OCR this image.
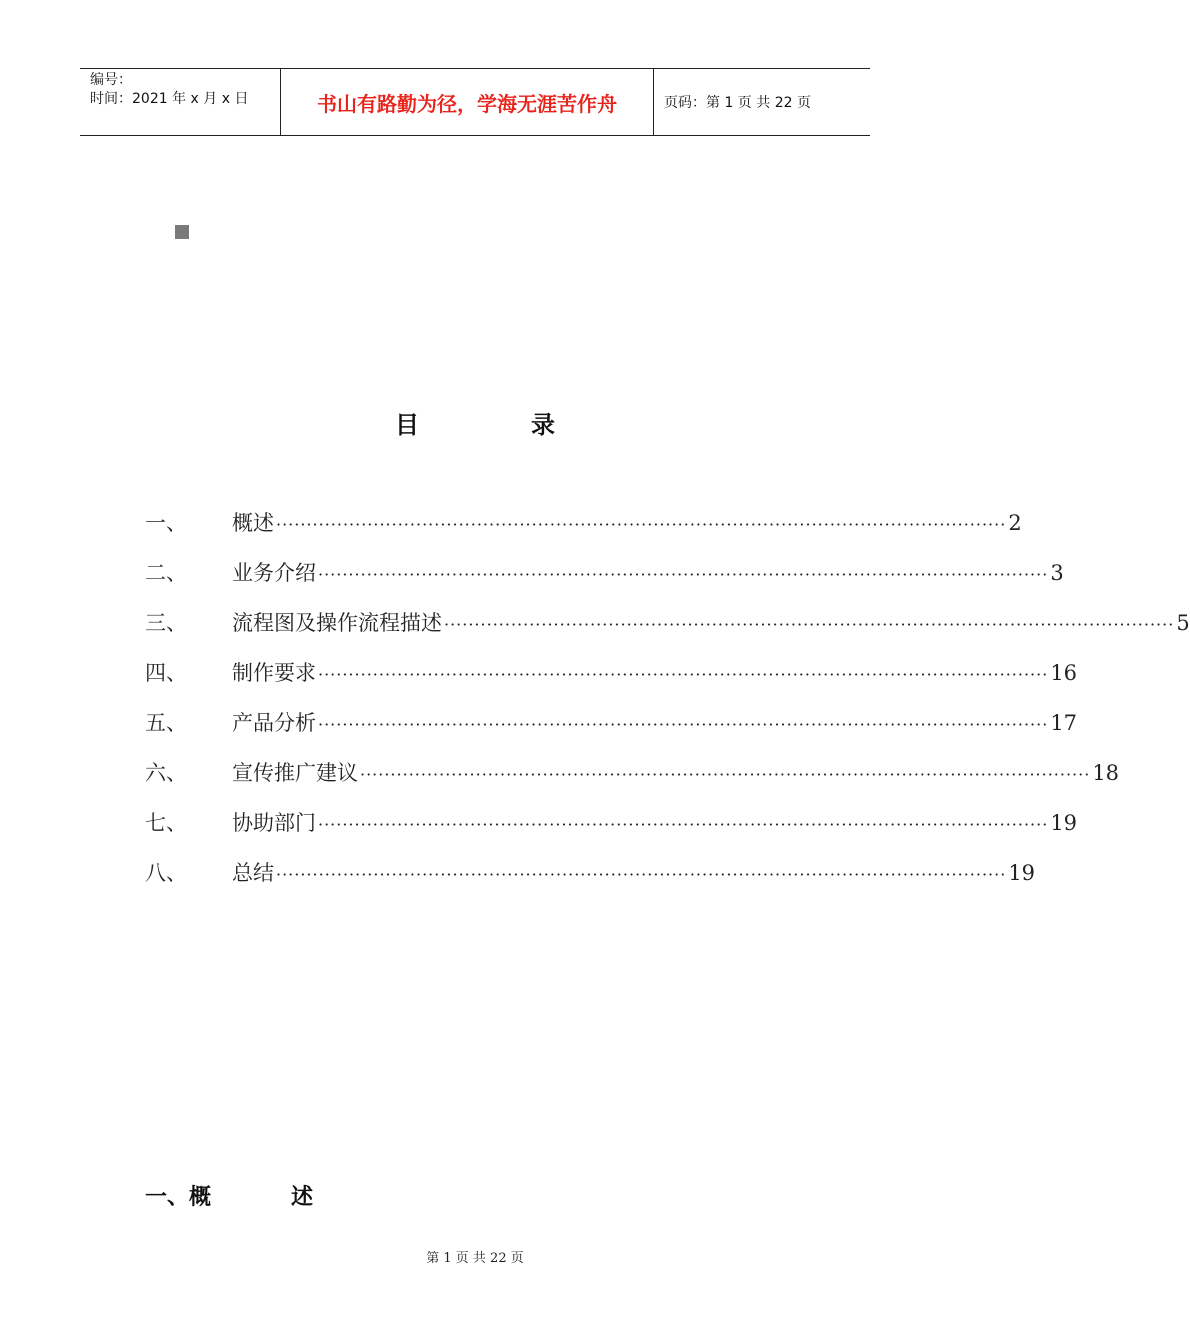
编号：
时间：2021 年 x 月 x 日	书山有路勤为径，学海无涯苦作舟	页码：第 1 页 共 22 页
目	录
一、	概述 ························································································································ 2
二、	业务介绍 ························································································································ 3
三、	流程图及操作流程描述 ························································································································ 5
四、	制作要求 ························································································································ 16
五、	产品分析 ························································································································ 17
六、	宣传推广建议 ························································································································ 18
七、	协助部门 ························································································································ 19
八、	总结 ························································································································ 19
一、概	述
第 1 页 共 22 页
